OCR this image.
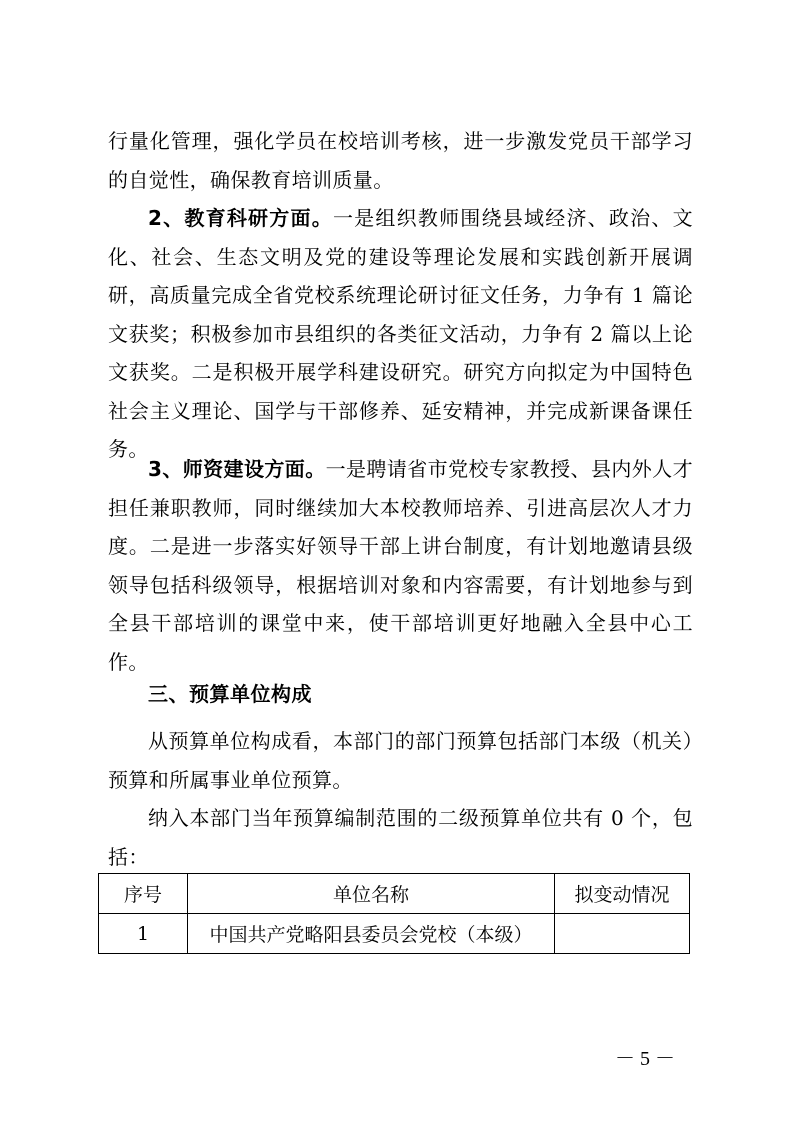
行量化管理，强化学员在校培训考核，进一步激发党员干部学习的自觉性，确保教育培训质量。

2、教育科研方面。一是组织教师围绕县域经济、政治、文化、社会、生态文明及党的建设等理论发展和实践创新开展调研，高质量完成全省党校系统理论研讨征文任务，力争有 1 篇论文获奖；积极参加市县组织的各类征文活动，力争有 2 篇以上论文获奖。二是积极开展学科建设研究。研究方向拟定为中国特色社会主义理论、国学与干部修养、延安精神，并完成新课备课任务。

3、师资建设方面。一是聘请省市党校专家教授、县内外人才担任兼职教师，同时继续加大本校教师培养、引进高层次人才力度。二是进一步落实好领导干部上讲台制度，有计划地邀请县级领导包括科级领导，根据培训对象和内容需要，有计划地参与到全县干部培训的课堂中来，使干部培训更好地融入全县中心工作。

三、预算单位构成

从预算单位构成看，本部门的部门预算包括部门本级（机关）预算和所属事业单位预算。

纳入本部门当年预算编制范围的二级预算单位共有 0 个，包括：

序号	单位名称	拟变动情况
1	中国共产党略阳县委员会党校（本级）	
－ 5 －
